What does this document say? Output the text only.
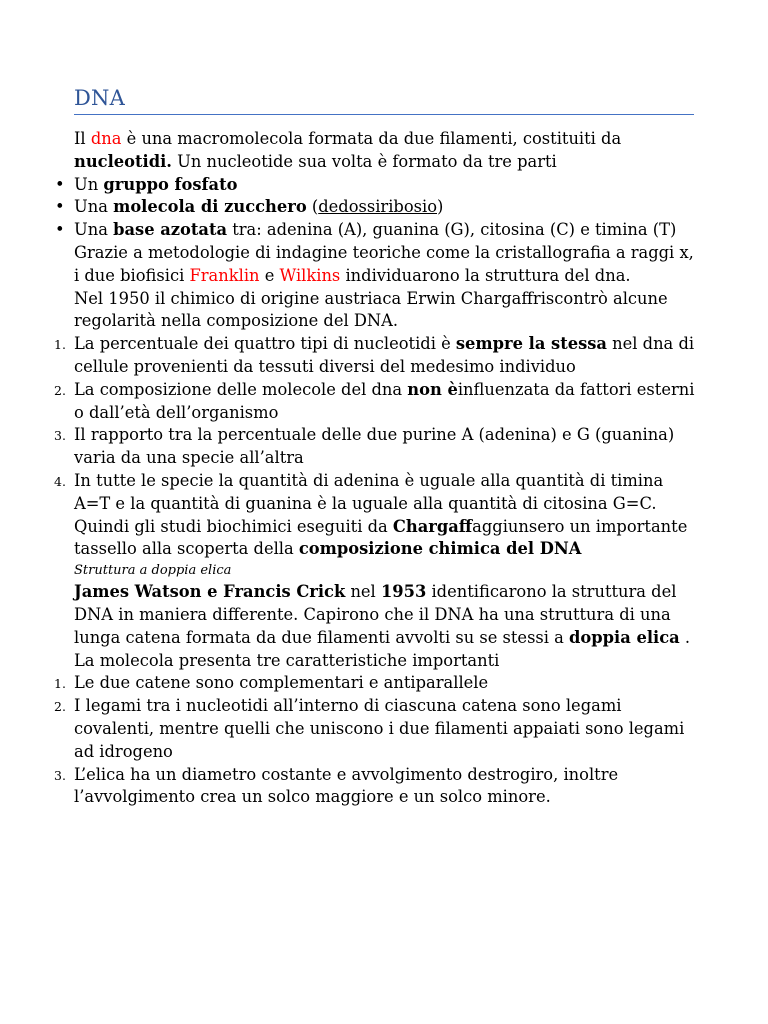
DNA

Il dna è una macromolecola formata da due filamenti, costituiti da nucleotidi. Un nucleotide sua volta è formato da tre parti

• Un gruppo fosfato

• Una molecola di zucchero (dedossiribosio)

• Una base azotata tra: adenina (A), guanina (G), citosina (C) e timina (T)

Grazie a metodologie di indagine teoriche come la cristallografia a raggi x, i due biofisici Franklin e Wilkins individuarono la struttura del dna.

Nel 1950 il chimico di origine austriaca Erwin Chargaffriscontrò alcune regolarità nella composizione del DNA.

1. La percentuale dei quattro tipi di nucleotidi è sempre la stessa nel dna di cellule provenienti da tessuti diversi del medesimo individuo

2. La composizione delle molecole del dna non èinfluenzata da fattori esterni o dall’età dell’organismo

3. Il rapporto tra la percentuale delle due purine A (adenina) e G (guanina) varia da una specie all’altra

4. In tutte le specie la quantità di adenina è uguale alla quantità di timina A=T e la quantità di guanina è la uguale alla quantità di citosina G=C.

Quindi gli studi biochimici eseguiti da Chargaffaggiunsero un importante tassello alla scoperta della composizione chimica del DNA

Struttura a doppia elica

James Watson e Francis Crick nel 1953 identificarono la struttura del DNA in maniera differente. Capirono che il DNA ha una struttura di una lunga catena formata da due filamenti avvolti su se stessi a doppia elica .

La molecola presenta tre caratteristiche importanti

1. Le due catene sono complementari e antiparallele

2. I legami tra i nucleotidi all’interno di ciascuna catena sono legami covalenti, mentre quelli che uniscono i due filamenti appaiati sono legami ad idrogeno

3. L’elica ha un diametro costante e avvolgimento destrogiro, inoltre l’avvolgimento crea un solco maggiore e un solco minore.
